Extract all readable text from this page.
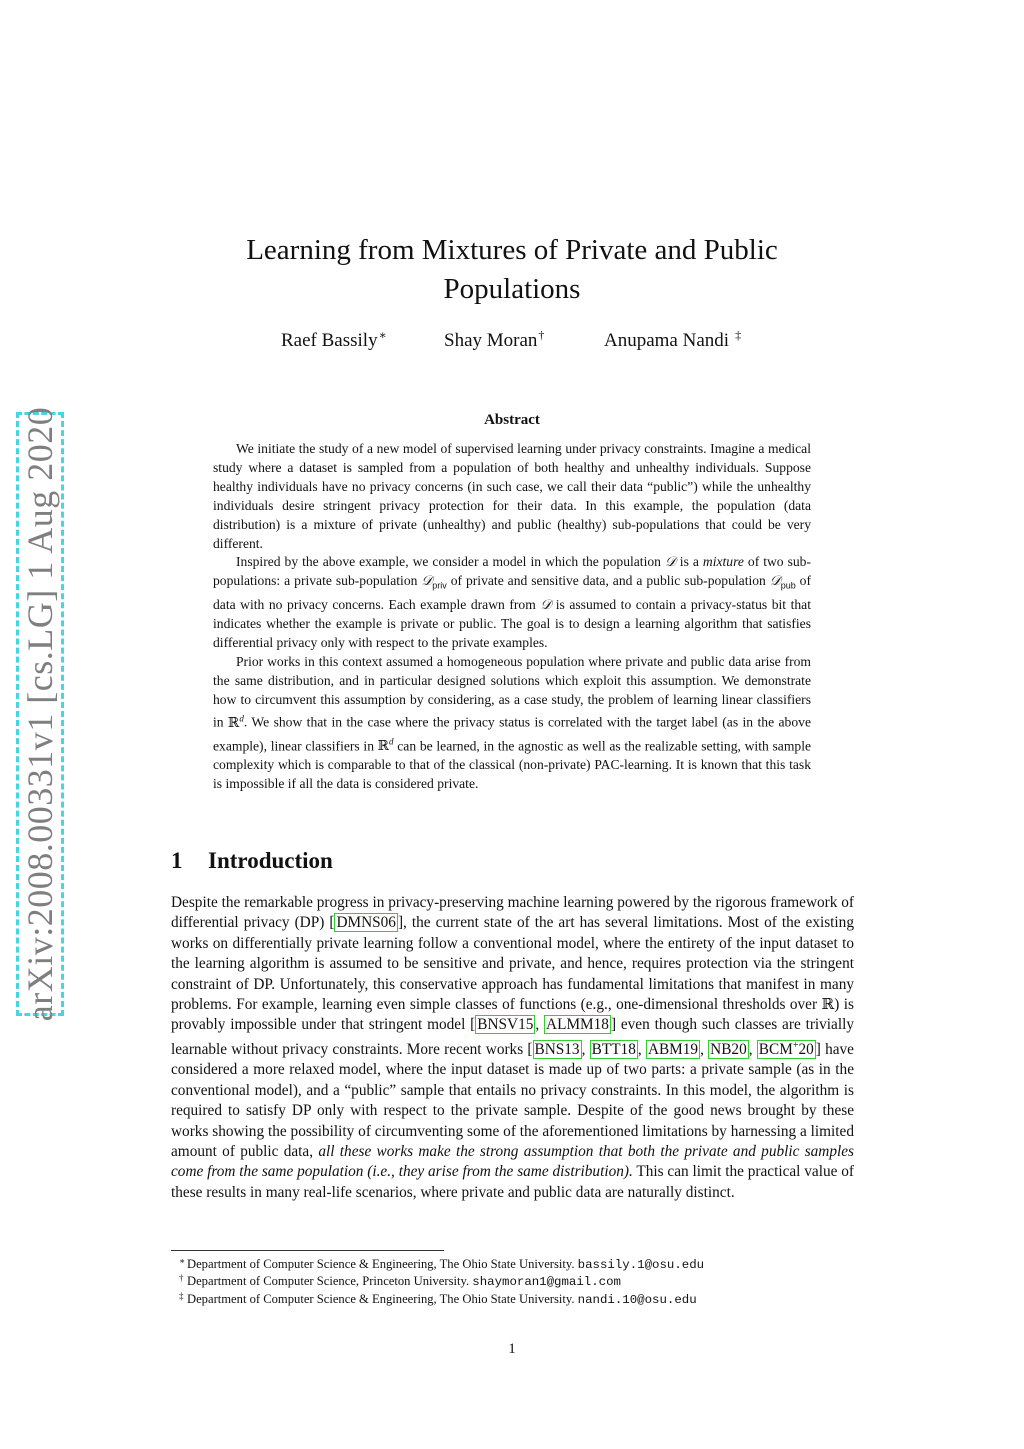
arXiv:2008.00331v1 [cs.LG] 1 Aug 2020
Learning from Mixtures of Private and Public Populations
Raef Bassily∗	Shay Moran†	Anupama Nandi ‡
Abstract

We initiate the study of a new model of supervised learning under privacy constraints. Imagine a medical study where a dataset is sampled from a population of both healthy and unhealthy individuals. Suppose healthy individuals have no privacy concerns (in such case, we call their data “public”) while the unhealthy individuals desire stringent privacy protection for their data. In this example, the population (data distribution) is a mixture of private (unhealthy) and public (healthy) sub-populations that could be very different.

Inspired by the above example, we consider a model in which the population 𝒟 is a mixture of two sub-populations: a private sub-population 𝒟$_{priv}$ of private and sensitive data, and a public sub-population 𝒟$_{pub}$ of data with no privacy concerns. Each example drawn from 𝒟 is assumed to contain a privacy-status bit that indicates whether the example is private or public. The goal is to design a learning algorithm that satisfies differential privacy only with respect to the private examples.

Prior works in this context assumed a homogeneous population where private and public data arise from the same distribution, and in particular designed solutions which exploit this assumption. We demonstrate how to circumvent this assumption by considering, as a case study, the problem of learning linear classifiers in ℝ$^d$. We show that in the case where the privacy status is correlated with the target label (as in the above example), linear classifiers in ℝ$^d$ can be learned, in the agnostic as well as the realizable setting, with sample complexity which is comparable to that of the classical (non-private) PAC-learning. It is known that this task is impossible if all the data is considered private.

1 Introduction

Despite the remarkable progress in privacy-preserving machine learning powered by the rigorous framework of differential privacy (DP) [ DMNS06 ], the current state of the art has several limitations. Most of the existing works on differentially private learning follow a conventional model, where the entirety of the input dataset to the learning algorithm is assumed to be sensitive and private, and hence, requires protection via the stringent constraint of DP. Unfortunately, this conservative approach has fundamental limitations that manifest in many problems. For example, learning even simple classes of functions (e.g., one-dimensional thresholds over ℝ) is provably impossible under that stringent model [ BNSV15 , ALMM18 ] even though such classes are trivially learnable without privacy constraints. More recent works [ BNS13 , BTT18 , ABM19 , NB20 , BCM+20 ] have considered a more relaxed model, where the input dataset is made up of two parts: a private sample (as in the conventional model), and a “public” sample that entails no privacy constraints. In this model, the algorithm is required to satisfy DP only with respect to the private sample. Despite of the good news brought by these works showing the possibility of circumventing some of the aforementioned limitations by harnessing a limited amount of public data, all these works make the strong assumption that both the private and public samples come from the same population (i.e., they arise from the same distribution). This can limit the practical value of these results in many real-life scenarios, where private and public data are naturally distinct.

∗ Department of Computer Science & Engineering, The Ohio State University. bassily.1@osu.edu
† Department of Computer Science, Princeton University. shaymoran1@gmail.com
‡ Department of Computer Science & Engineering, The Ohio State University. nandi.10@osu.edu
1
